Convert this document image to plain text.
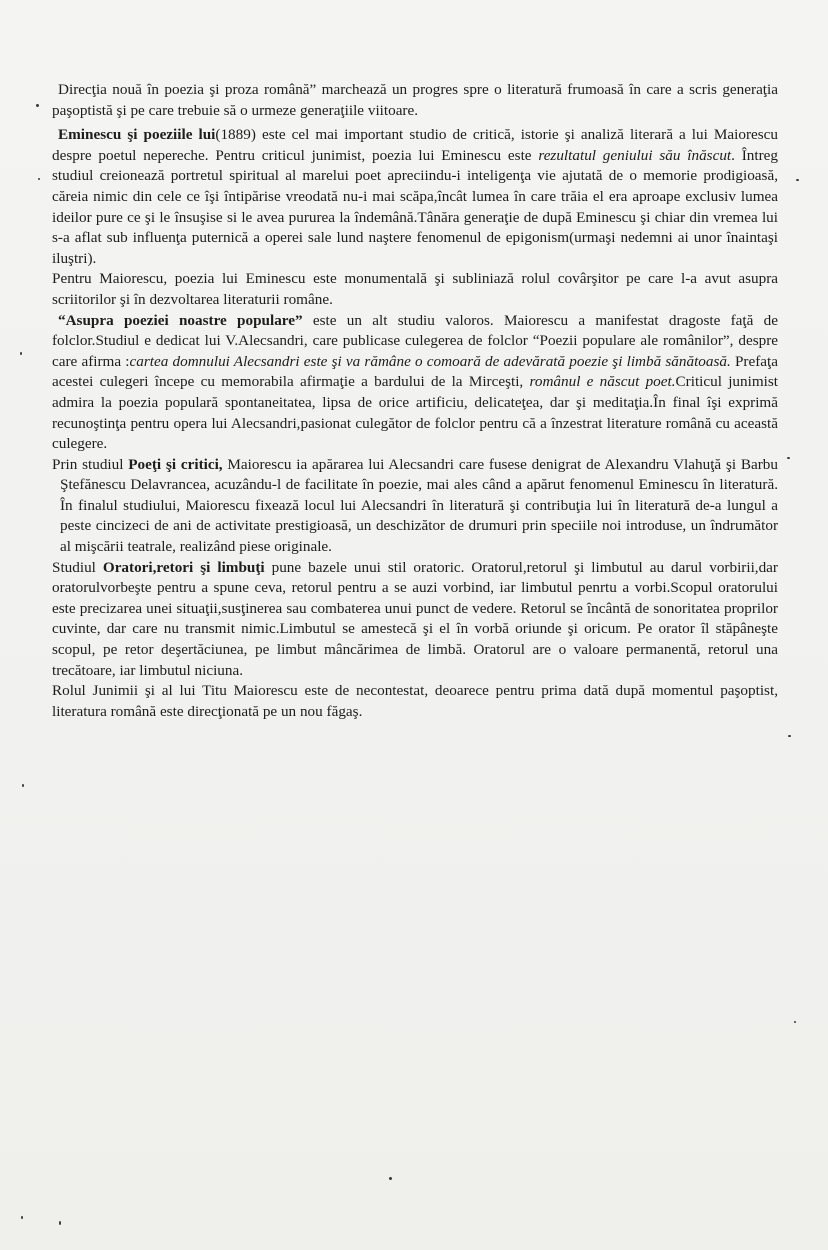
Direcţia nouă în poezia şi proza română” marchează un progres spre o literatură frumoasă în care a scris generaţia paşoptistă şi pe care trebuie să o urmeze generaţiile viitoare.

Eminescu şi poeziile lui(1889) este cel mai important studio de critică, istorie şi analiză literară a lui Maiorescu despre poetul nepereche. Pentru criticul junimist, poezia lui Eminescu este rezultatul geniului său înăscut. Întreg studiul creionează portretul spiritual al marelui poet apreciindu-i inteligenţa vie ajutată de o memorie prodigioasă, căreia nimic din cele ce îşi întipărise vreodată nu-i mai scăpa,încât lumea în care trăia el era aproape exclusiv lumea ideilor pure ce şi le însuşise si le avea pururea la îndemână.Tânăra generaţie de după Eminescu şi chiar din vremea lui s-a aflat sub influenţa puternică a operei sale lund naştere fenomenul de epigonism(urmaşi nedemni ai unor înaintaşi iluştri).

Pentru Maiorescu, poezia lui Eminescu este monumentală şi subliniază rolul covârşitor pe care l-a avut asupra scriitorilor şi în dezvoltarea literaturii române.

“Asupra poeziei noastre populare” este un alt studiu valoros. Maiorescu a manifestat dragoste faţă de folclor.Studiul e dedicat lui V.Alecsandri, care publicase culegerea de folclor “Poezii populare ale românilor”, despre care afirma :cartea domnului Alecsandri este şi va rămâne o comoară de adevărată poezie şi limbă sănătoasă. Prefaţa acestei culegeri începe cu memorabila afirmaţie a bardului de la Mirceşti, românul e născut poet.Criticul junimist admira la poezia populară spontaneitatea, lipsa de orice artificiu, delicateţea, dar şi meditaţia.În final îşi exprimă recunoştinţa pentru opera lui Alecsandri,pasionat culegător de folclor pentru că a înzestrat literature română cu această culegere.

Prin studiul Poeţi şi critici, Maiorescu ia apărarea lui Alecsandri care fusese denigrat de Alexandru Vlahuţă şi Barbu Ştefănescu Delavrancea, acuzându-l de facilitate în poezie, mai ales când a apărut fenomenul Eminescu în literatură. În finalul studiului, Maiorescu fixează locul lui Alecsandri în literatură şi contribuţia lui în literatură de-a lungul a peste cincizeci de ani de activitate prestigioasă, un deschizător de drumuri prin speciile noi introduse, un îndrumător al mişcării teatrale, realizând piese originale.

Studiul Oratori,retori şi limbuţi pune bazele unui stil oratoric. Oratorul,retorul şi limbutul au darul vorbirii,dar oratorulvorbeşte pentru a spune ceva, retorul pentru a se auzi vorbind, iar limbutul penrtu a vorbi.Scopul oratorului este precizarea unei situaţii,susţinerea sau combaterea unui punct de vedere. Retorul se încântă de sonoritatea proprilor cuvinte, dar care nu transmit nimic.Limbutul se amestecă şi el în vorbă oriunde şi oricum. Pe orator îl stăpâneşte scopul, pe retor deşertăciunea, pe limbut mâncărimea de limbă. Oratorul are o valoare permanentă, retorul una trecătoare, iar limbutul niciuna.

Rolul Junimii şi al lui Titu Maiorescu este de necontestat, deoarece pentru prima dată după momentul paşoptist, literatura română este direcţionată pe un nou făgaş.
